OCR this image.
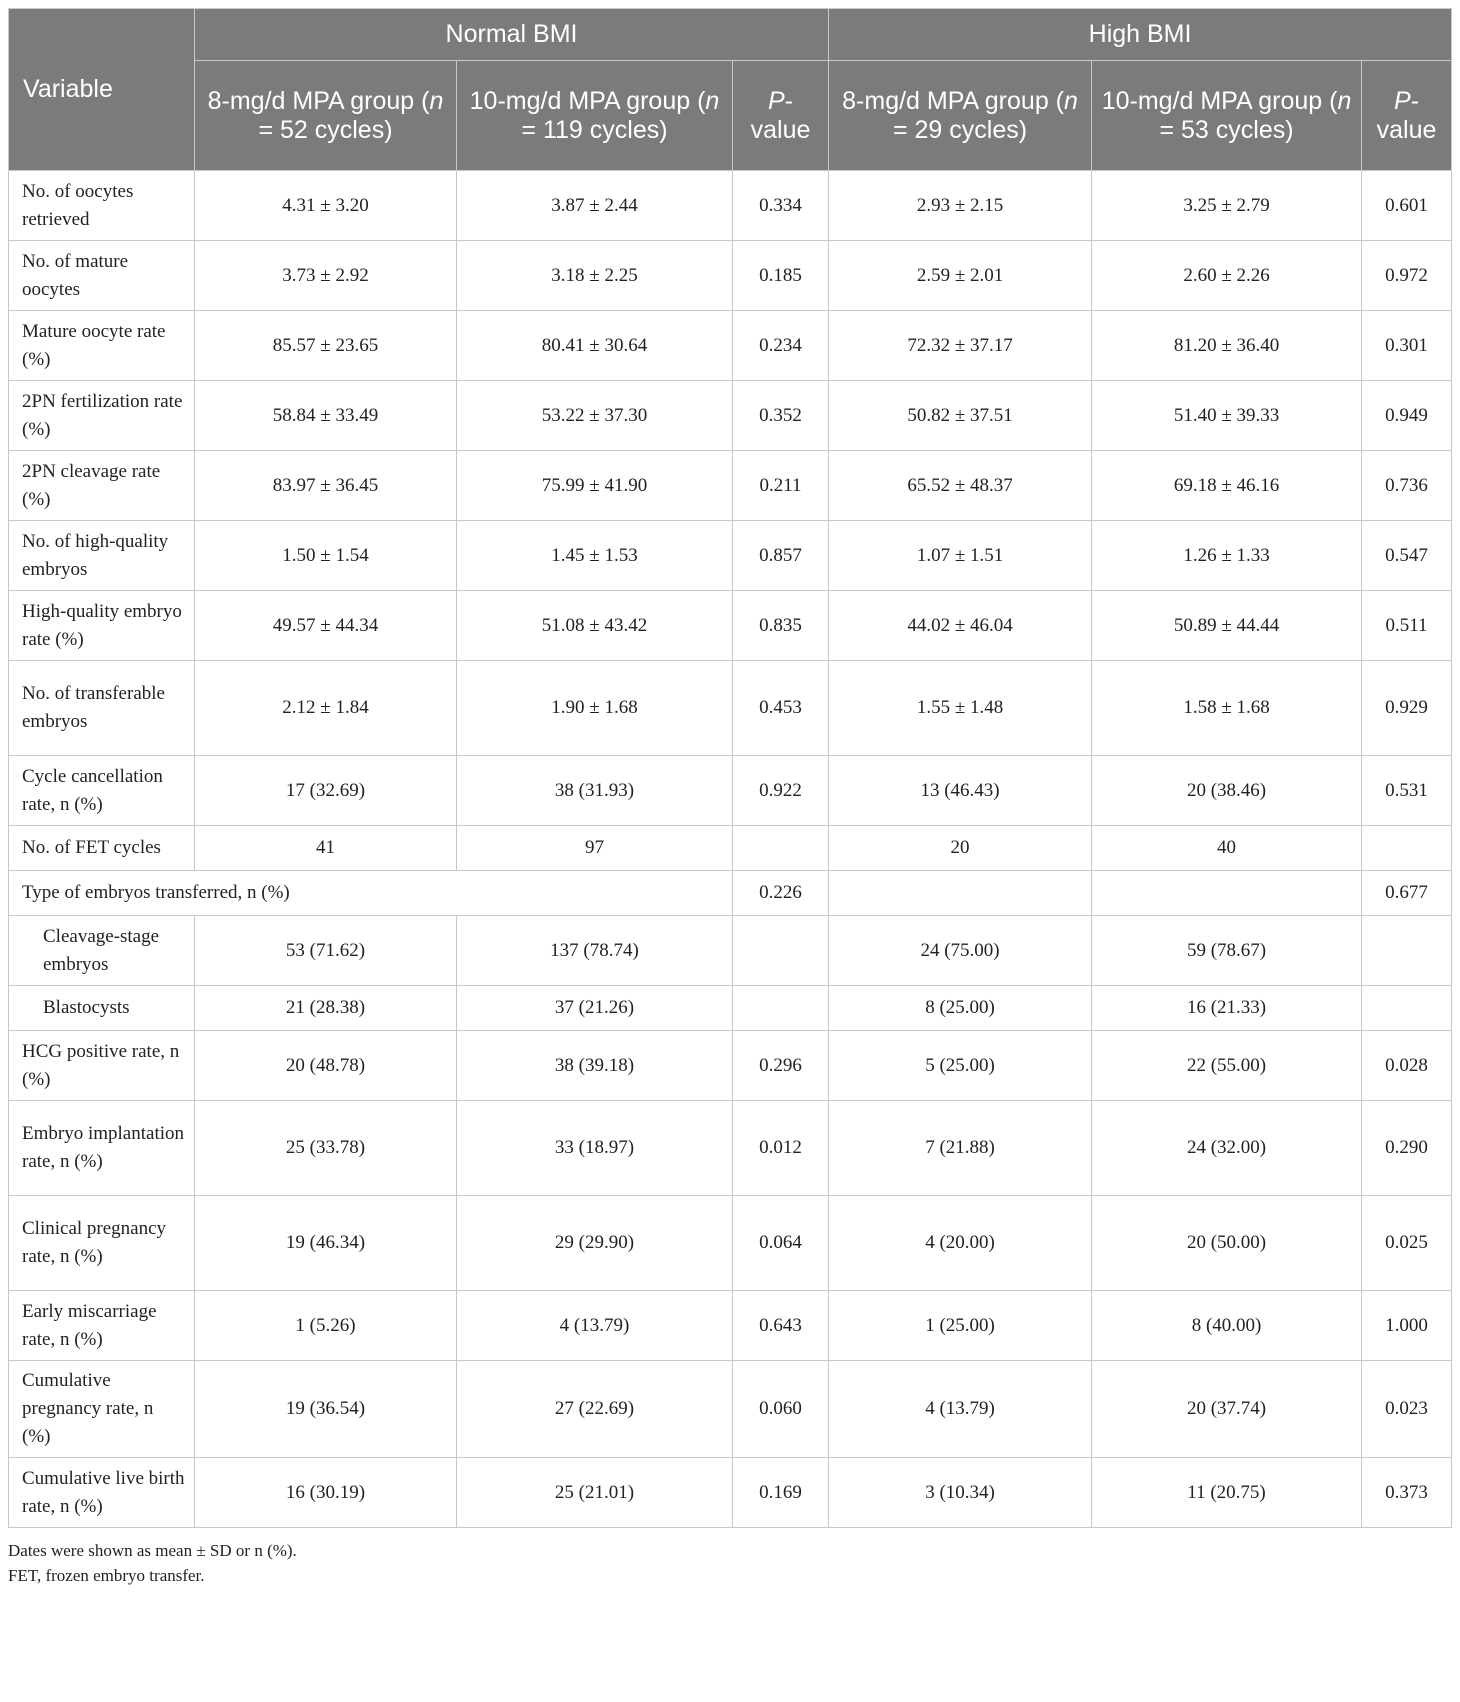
Variable	Normal BMI			High BMI		
	8-mg/d MPA group (n = 52 cycles)	10-mg/d MPA group (n = 119 cycles)	P-value	8-mg/d MPA group (n = 29 cycles)	10-mg/d MPA group (n = 53 cycles)	P-value
No. of oocytes retrieved	4.31 ± 3.20	3.87 ± 2.44	0.334	2.93 ± 2.15	3.25 ± 2.79	0.601
No. of mature oocytes	3.73 ± 2.92	3.18 ± 2.25	0.185	2.59 ± 2.01	2.60 ± 2.26	0.972
Mature oocyte rate (%)	85.57 ± 23.65	80.41 ± 30.64	0.234	72.32 ± 37.17	81.20 ± 36.40	0.301
2PN fertilization rate (%)	58.84 ± 33.49	53.22 ± 37.30	0.352	50.82 ± 37.51	51.40 ± 39.33	0.949
2PN cleavage rate (%)	83.97 ± 36.45	75.99 ± 41.90	0.211	65.52 ± 48.37	69.18 ± 46.16	0.736
No. of high-quality embryos	1.50 ± 1.54	1.45 ± 1.53	0.857	1.07 ± 1.51	1.26 ± 1.33	0.547
High-quality embryo rate (%)	49.57 ± 44.34	51.08 ± 43.42	0.835	44.02 ± 46.04	50.89 ± 44.44	0.511
No. of transferable embryos	2.12 ± 1.84	1.90 ± 1.68	0.453	1.55 ± 1.48	1.58 ± 1.68	0.929
Cycle cancellation rate, n (%)	17 (32.69)	38 (31.93)	0.922	13 (46.43)	20 (38.46)	0.531
No. of FET cycles	41	97		20	40	
Type of embryos transferred, n (%)			0.226			0.677
Cleavage-stage embryos	53 (71.62)	137 (78.74)		24 (75.00)	59 (78.67)	
Blastocysts	21 (28.38)	37 (21.26)		8 (25.00)	16 (21.33)	
HCG positive rate, n (%)	20 (48.78)	38 (39.18)	0.296	5 (25.00)	22 (55.00)	0.028
Embryo implantation rate, n (%)	25 (33.78)	33 (18.97)	0.012	7 (21.88)	24 (32.00)	0.290
Clinical pregnancy rate, n (%)	19 (46.34)	29 (29.90)	0.064	4 (20.00)	20 (50.00)	0.025
Early miscarriage rate, n (%)	1 (5.26)	4 (13.79)	0.643	1 (25.00)	8 (40.00)	1.000
Cumulative pregnancy rate, n (%)	19 (36.54)	27 (22.69)	0.060	4 (13.79)	20 (37.74)	0.023
Cumulative live birth rate, n (%)	16 (30.19)	25 (21.01)	0.169	3 (10.34)	11 (20.75)	0.373
Dates were shown as mean ± SD or n (%).
FET, frozen embryo transfer.
